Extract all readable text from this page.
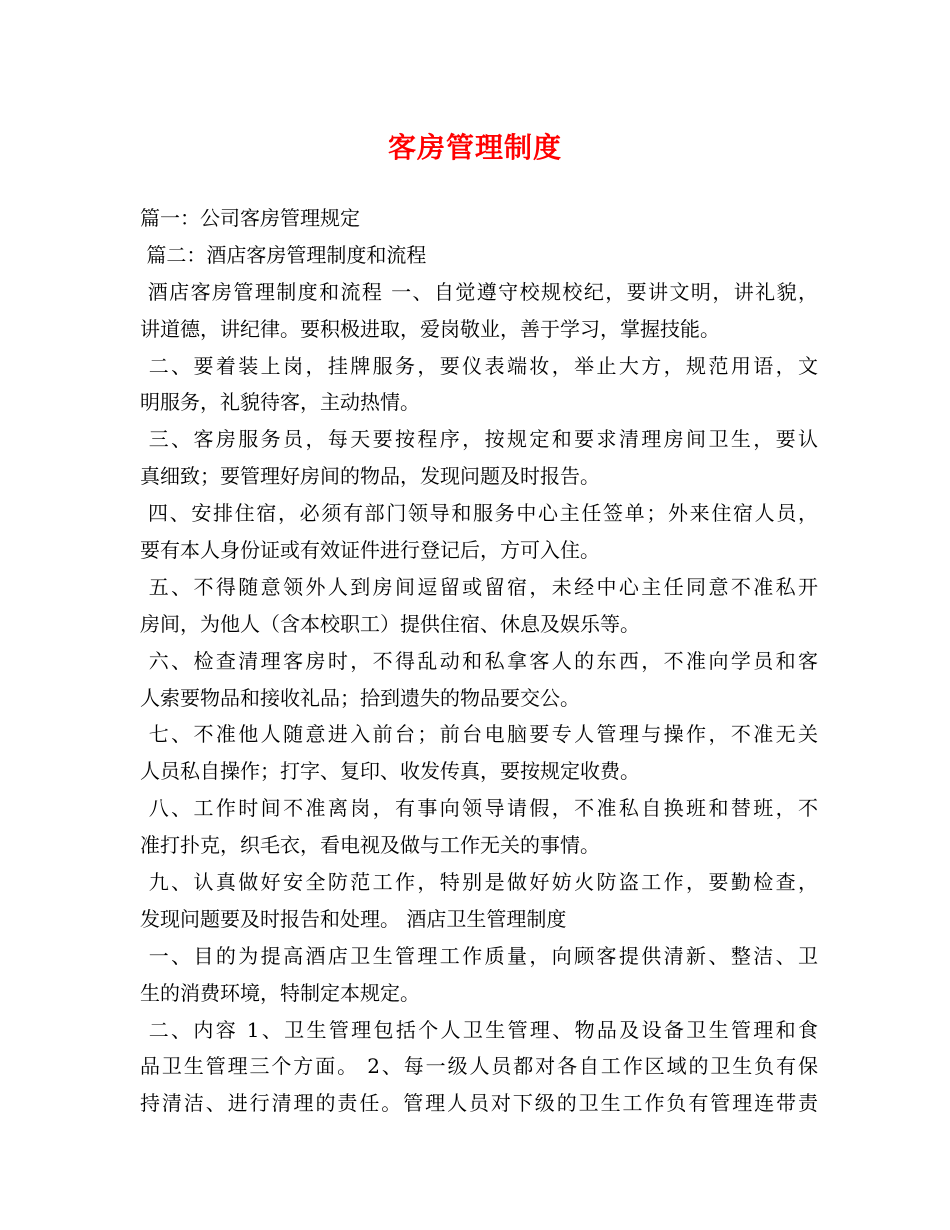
客房管理制度
篇一：公司客房管理规定
篇二：酒店客房管理制度和流程
酒店客房管理制度和流程 一、自觉遵守校规校纪，要讲文明，讲礼貌，
讲道德，讲纪律。要积极进取，爱岗敬业，善于学习，掌握技能。
二、要着装上岗，挂牌服务，要仪表端妆，举止大方，规范用语，文
明服务，礼貌待客，主动热情。
三、客房服务员，每天要按程序，按规定和要求清理房间卫生，要认
真细致；要管理好房间的物品，发现问题及时报告。
四、安排住宿，必须有部门领导和服务中心主任签单；外来住宿人员，
要有本人身份证或有效证件进行登记后，方可入住。
五、不得随意领外人到房间逗留或留宿，未经中心主任同意不准私开
房间，为他人（含本校职工）提供住宿、休息及娱乐等。
六、检查清理客房时，不得乱动和私拿客人的东西，不准向学员和客
人索要物品和接收礼品；拾到遗失的物品要交公。
七、不准他人随意进入前台；前台电脑要专人管理与操作，不准无关
人员私自操作；打字、复印、收发传真，要按规定收费。
八、工作时间不准离岗，有事向领导请假，不准私自换班和替班，不
准打扑克，织毛衣，看电视及做与工作无关的事情。
九、认真做好安全防范工作，特别是做好妨火防盗工作，要勤检查，
发现问题要及时报告和处理。 酒店卫生管理制度
一、目的为提高酒店卫生管理工作质量，向顾客提供清新、整洁、卫
生的消费环境，特制定本规定。
二、内容 1、卫生管理包括个人卫生管理、物品及设备卫生管理和食
品卫生管理三个方面。 2、每一级人员都对各自工作区域的卫生负有保
持清洁、进行清理的责任。管理人员对下级的卫生工作负有管理连带责
